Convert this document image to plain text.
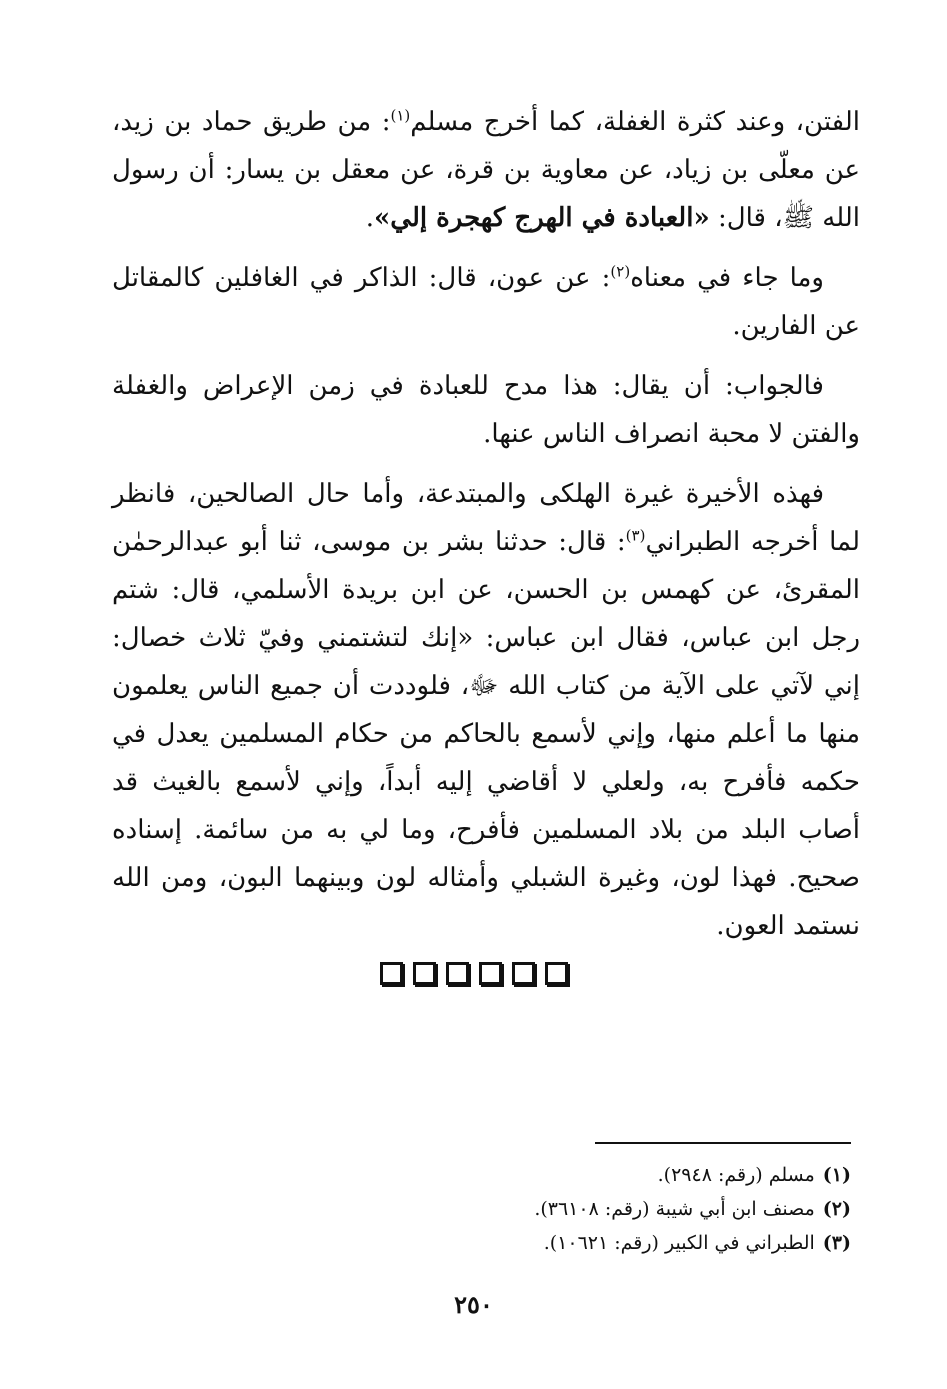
الفتن، وعند كثرة الغفلة، كما أخرج مسلم$^{(١)}$: من طريق حماد بن زيد، عن معلّى بن زياد، عن معاوية بن قرة، عن معقل بن يسار: أن رسول الله ﷺ، قال: «العبادة في الهرج كهجرة إلي».

وما جاء في معناه$^{(٢)}$: عن عون، قال: الذاكر في الغافلين كالمقاتل عن الفارين.

فالجواب: أن يقال: هذا مدح للعبادة في زمن الإعراض والغفلة والفتن لا محبة انصراف الناس عنها.

فهذه الأخيرة غيرة الهلكى والمبتدعة، وأما حال الصالحين، فانظر لما أخرجه الطبراني$^{(٣)}$: قال: حدثنا بشر بن موسى، ثنا أبو عبدالرحمٰن المقرئ، عن كهمس بن الحسن، عن ابن بريدة الأسلمي، قال: شتم رجل ابن عباس، فقال ابن عباس: «إنك لتشتمني وفيّ ثلاث خصال: إني لآتي على الآية من كتاب الله ﷻ، فلوددت أن جميع الناس يعلمون منها ما أعلم منها، وإني لأسمع بالحاكم من حكام المسلمين يعدل في حكمه فأفرح به، ولعلي لا أقاضي إليه أبداً، وإني لأسمع بالغيث قد أصاب البلد من بلاد المسلمين فأفرح، وما لي به من سائمة. إسناده صحيح. فهذا لون، وغيرة الشبلي وأمثاله لون وبينهما البون، ومن الله نستمد العون.

(١)مسلم (رقم: ٢٩٤٨).

(٢)مصنف ابن أبي شيبة (رقم: ٣٦١٠٨).

(٣)الطبراني في الكبير (رقم: ١٠٦٢١).

٢٥٠
